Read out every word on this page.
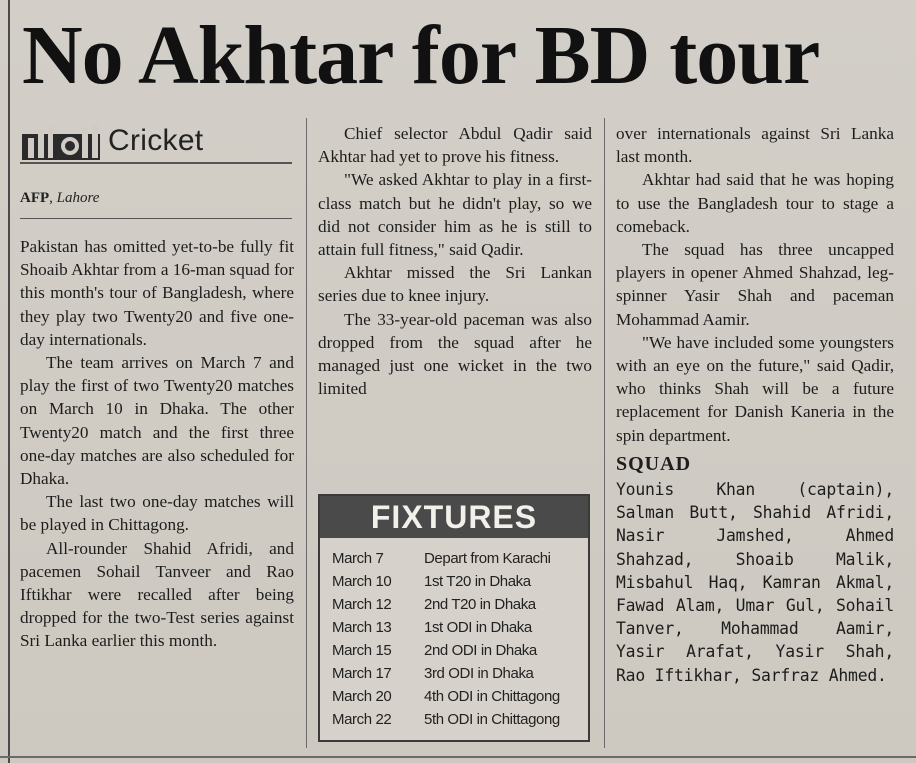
No Akhtar for BD tour
Cricket
AFP, Lahore

Pakistan has omitted yet-to-be fully fit Shoaib Akhtar from a 16-man squad for this month's tour of Bangladesh, where they play two Twenty20 and five one-day internationals.

The team arrives on March 7 and play the first of two Twenty20 matches on March 10 in Dhaka. The other Twenty20 match and the first three one-day matches are also scheduled for Dhaka.

The last two one-day matches will be played in Chittagong.

All-rounder Shahid Afridi, and pacemen Sohail Tanveer and Rao Iftikhar were recalled after being dropped for the two-Test series against Sri Lanka earlier this month.

Chief selector Abdul Qadir said Akhtar had yet to prove his fitness.

"We asked Akhtar to play in a first-class match but he didn't play, so we did not consider him as he is still to attain full fitness," said Qadir.

Akhtar missed the Sri Lankan series due to knee injury.

The 33-year-old paceman was also dropped from the squad after he managed just one wicket in the two limited

FIXTURES
March 7	Depart from Karachi
March 10 1st T20 in Dhaka
March 12 2nd T20 in Dhaka
March 13 1st ODI in Dhaka
March 15 2nd ODI in Dhaka
March 17 3rd ODI in Dhaka
March 20 4th ODI in Chittagong
March 22 5th ODI in Chittagong

over internationals against Sri Lanka last month.

Akhtar had said that he was hoping to use the Bangladesh tour to stage a comeback.

The squad has three uncapped players in opener Ahmed Shahzad, leg-spinner Yasir Shah and paceman Mohammad Aamir.

"We have included some youngsters with an eye on the future," said Qadir, who thinks Shah will be a future replacement for Danish Kaneria in the spin department.

SQUAD
Younis Khan (captain), Salman Butt, Shahid Afridi, Nasir Jamshed, Ahmed Shahzad, Shoaib Malik, Misbahul Haq, Kamran Akmal, Fawad Alam, Umar Gul, Sohail Tanver, Mohammad Aamir, Yasir Arafat, Yasir Shah, Rao Iftikhar, Sarfraz Ahmed.
